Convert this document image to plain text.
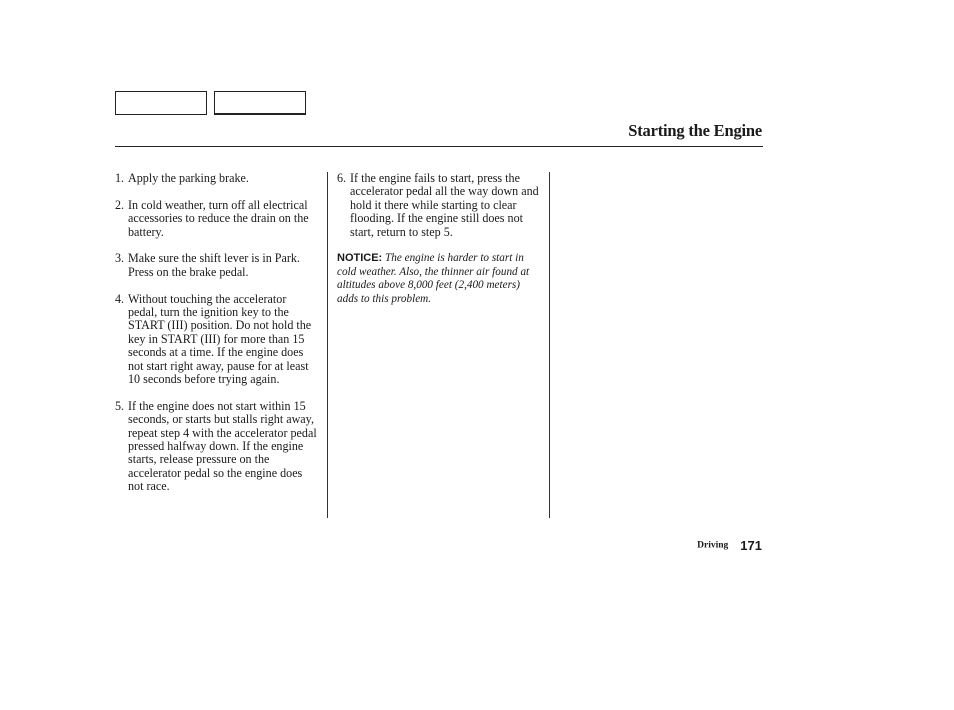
Starting the Engine
1. Apply the parking brake.
2. In cold weather, turn off all electrical accessories to reduce the drain on the battery.
3. Make sure the shift lever is in Park. Press on the brake pedal.
4. Without touching the accelerator pedal, turn the ignition key to the START (III) position. Do not hold the key in START (III) for more than 15 seconds at a time. If the engine does not start right away, pause for at least 10 seconds before trying again.
5. If the engine does not start within 15 seconds, or starts but stalls right away, repeat step 4 with the accelerator pedal pressed halfway down. If the engine starts, release pressure on the accelerator pedal so the engine does not race.
6. If the engine fails to start, press the accelerator pedal all the way down and hold it there while starting to clear flooding. If the engine still does not start, return to step 5.

NOTICE: The engine is harder to start in cold weather. Also, the thinner air found at altitudes above 8,000 feet (2,400 meters) adds to this problem.

Driving 171
